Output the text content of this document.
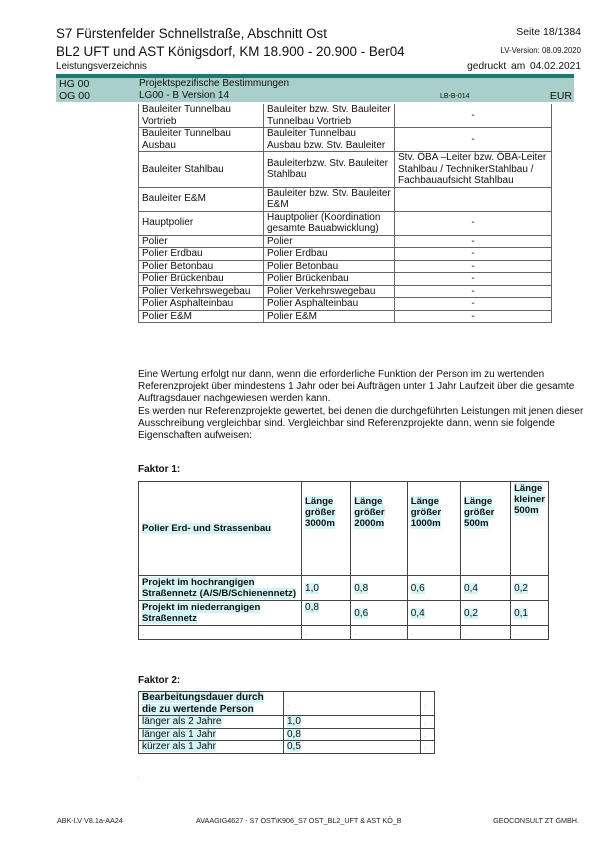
S7 Fürstenfelder Schnellstraße, Abschnitt Ost
BL2 UFT und AST Königsdorf, KM 18.900 - 20.900 - Ber04
Leistungsverzeichnis
Seite 18/1384
LV-Version: 08.09.2020
gedruckt am 04.02.2021
HG 00
OG 00
Projektspezifische Bestimmungen
LG00 - B Version 14	LB-B-014	EUR
Bauleiter Tunnelbau Vortrieb	Bauleiter bzw. Stv. Bauleiter Tunnelbau Vortrieb	-
Bauleiter Tunnelbau Ausbau	Bauleiter Tunnelbau Ausbau bzw. Stv. Bauleiter	-
Bauleiter Stahlbau	Bauleiterbzw. Stv. Bauleiter Stahlbau	Stv. ÖBA –Leiter bzw. ÖBA-Leiter Stahlbau / TechnikerStahlbau / Fachbauaufsicht Stahlbau
Bauleiter E&M	Bauleiter bzw. Stv. Bauleiter E&M	
Hauptpolier	Hauptpolier (Koordination gesamte Bauabwicklung)	-
Polier	Polier	-
Polier Erdbau	Polier Erdbau	-
Polier Betonbau	Polier Betonbau	-
Polier Brückenbau	Polier Brückenbau	-
Polier Verkehrswegebau	Polier Verkehrswegebau	-
Polier Asphalteinbau	Polier Asphalteinbau	-
Polier E&M	Polier E&M	-
Eine Wertung erfolgt nur dann, wenn die erforderliche Funktion der Person im zu wertenden Referenzprojekt über mindestens 1 Jahr oder bei Aufträgen unter 1 Jahr Laufzeit über die gesamte Auftragsdauer nachgewiesen werden kann.
Es werden nur Referenzprojekte gewertet, bei denen die durchgeführten Leistungen mit jenen dieser Ausschreibung vergleichbar sind. Vergleichbar sind Referenzprojekte dann, wenn sie folgende Eigenschaften aufweisen:
Faktor 1:
Polier Erd- und Strassenbau	Länge größer 3000m	Länge größer 2000m	Länge größer 1000m	Länge größer 500m	Länge kleiner 500m
Projekt im hochrangigen Straßennetz (A/S/B/Schienennetz)	1,0	0,8	0,6	0,4	0,2
Projekt im niederrangigen Straßennetz	0,8	0,6	0,4	0,2	0,1
.	.	.	.	.	.
Faktor 2:
Bearbeitungsdauer durch die zu wertende Person	.	.
länger als 2 Jahre	1,0	.
länger als 1 Jahr	0,8	.
kürzer als 1 Jahr	0,5	.
.
ABK-LV V8.1a-AA24	AVAAGIG4627 - S7 OST\K906_S7 OST_BL2_UFT & AST KÖ_B	GEOCONSULT ZT GMBH.
